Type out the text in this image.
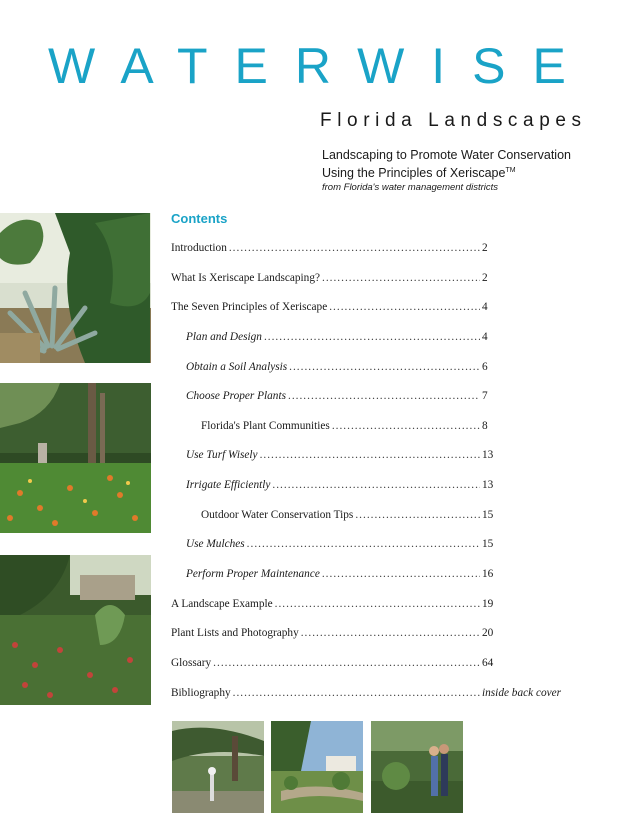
WATERWISE
Florida Landscapes
Landscaping to Promote Water Conservation
Using the Principles of Xeriscape™
from Florida's water management districts
Contents
Introduction .....	2
What Is Xeriscape Landscaping? .....	2
The Seven Principles of Xeriscape .....	4
Plan and Design .....	4
Obtain a Soil Analysis .....	6
Choose Proper Plants .....	7
Florida's Plant Communities .....	8
Use Turf Wisely .....	13
Irrigate Efficiently .....	13
Outdoor Water Conservation Tips .....	15
Use Mulches .....	15
Perform Proper Maintenance .....	16
A Landscape Example .....	19
Plant Lists and Photography .....	20
Glossary .....	64
Bibliography .....	inside back cover
